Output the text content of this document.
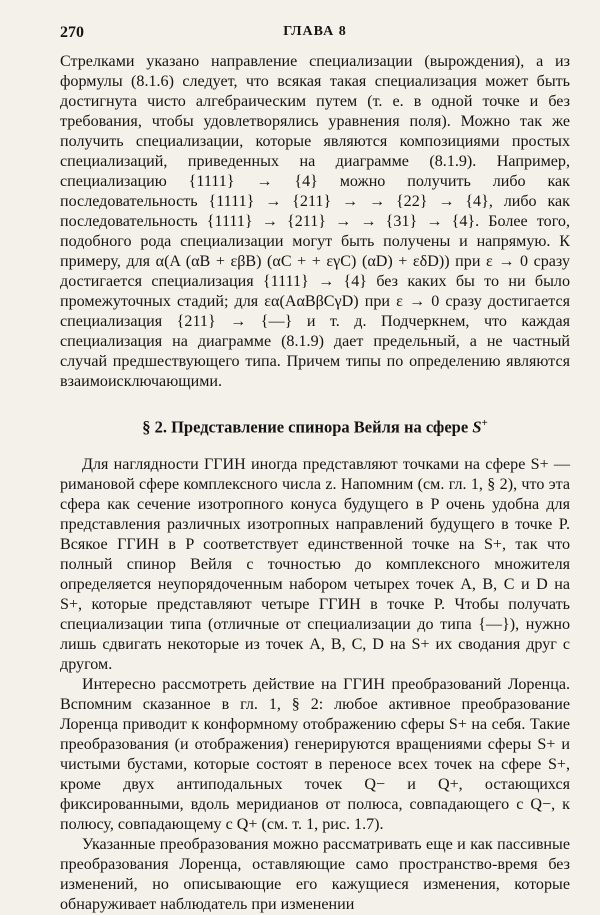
270	ГЛАВА 8

Стрелками указано направление специализации (вырождения), а из формулы (8.1.6) следует, что всякая такая специализация может быть достигнута чисто алгебраическим путем (т. е. в одной точке и без требования, чтобы удовлетворялись уравнения поля). Можно так же получить специализации, которые являются композициями простых специализаций, приведенных на диаграмме (8.1.9). Например, специализацию {1111} → {4} можно получить либо как последовательность {1111} → {211} → → {22} → {4}, либо как последовательность {1111} → {211} → → {31} → {4}. Более того, подобного рода специализации могут быть получены и напрямую. К примеру, для α(A (αB + εβB) (αC + + εγC) (αD) + εδD)) при ε → 0 сразу достигается специализация {1111} → {4} без каких бы то ни было промежуточных стадий; для εα(AαBβCγD) при ε → 0 сразу достигается специализация {211} → {—} и т. д. Подчеркнем, что каждая специализация на диаграмме (8.1.9) дает предельный, а не частный случай предшествующего типа. Причем типы по определению являются взаимоисключающими.

§ 2. Представление спинора Вейля на сфере S+

Для наглядности ГГИН иногда представляют точками на сфере S+ — римановой сфере комплексного числа z. Напомним (см. гл. 1, § 2), что эта сфера как сечение изотропного конуса будущего в P очень удобна для представления различных изотропных направлений будущего в точке P. Всякое ГГИН в P соответствует единственной точке на S+, так что полный спинор Вейля с точностью до комплексного множителя определяется неупорядоченным набором четырех точек A, B, C и D на S+, которые представляют четыре ГГИН в точке P. Чтобы получать специализации типа (отличные от специализации до типа {—}), нужно лишь сдвигать некоторые из точек A, B, C, D на S+ их сводания друг с другом.

Интересно рассмотреть действие на ГГИН преобразований Лоренца. Вспомним сказанное в гл. 1, § 2: любое активное преобразование Лоренца приводит к конформному отображению сферы S+ на себя. Такие преобразования (и отображения) генерируются вращениями сферы S+ и чистыми бустами, которые состоят в переносе всех точек на сфере S+, кроме двух антиподальных точек Q− и Q+, остающихся фиксированными, вдоль меридианов от полюса, совпадающего с Q−, к полюсу, совпадающему с Q+ (см. т. 1, рис. 1.7).

Указанные преобразования можно рассматривать еще и как пассивные преобразования Лоренца, оставляющие само пространство-время без изменений, но описывающие его кажущиеся изменения, которые обнаруживает наблюдатель при изменении
